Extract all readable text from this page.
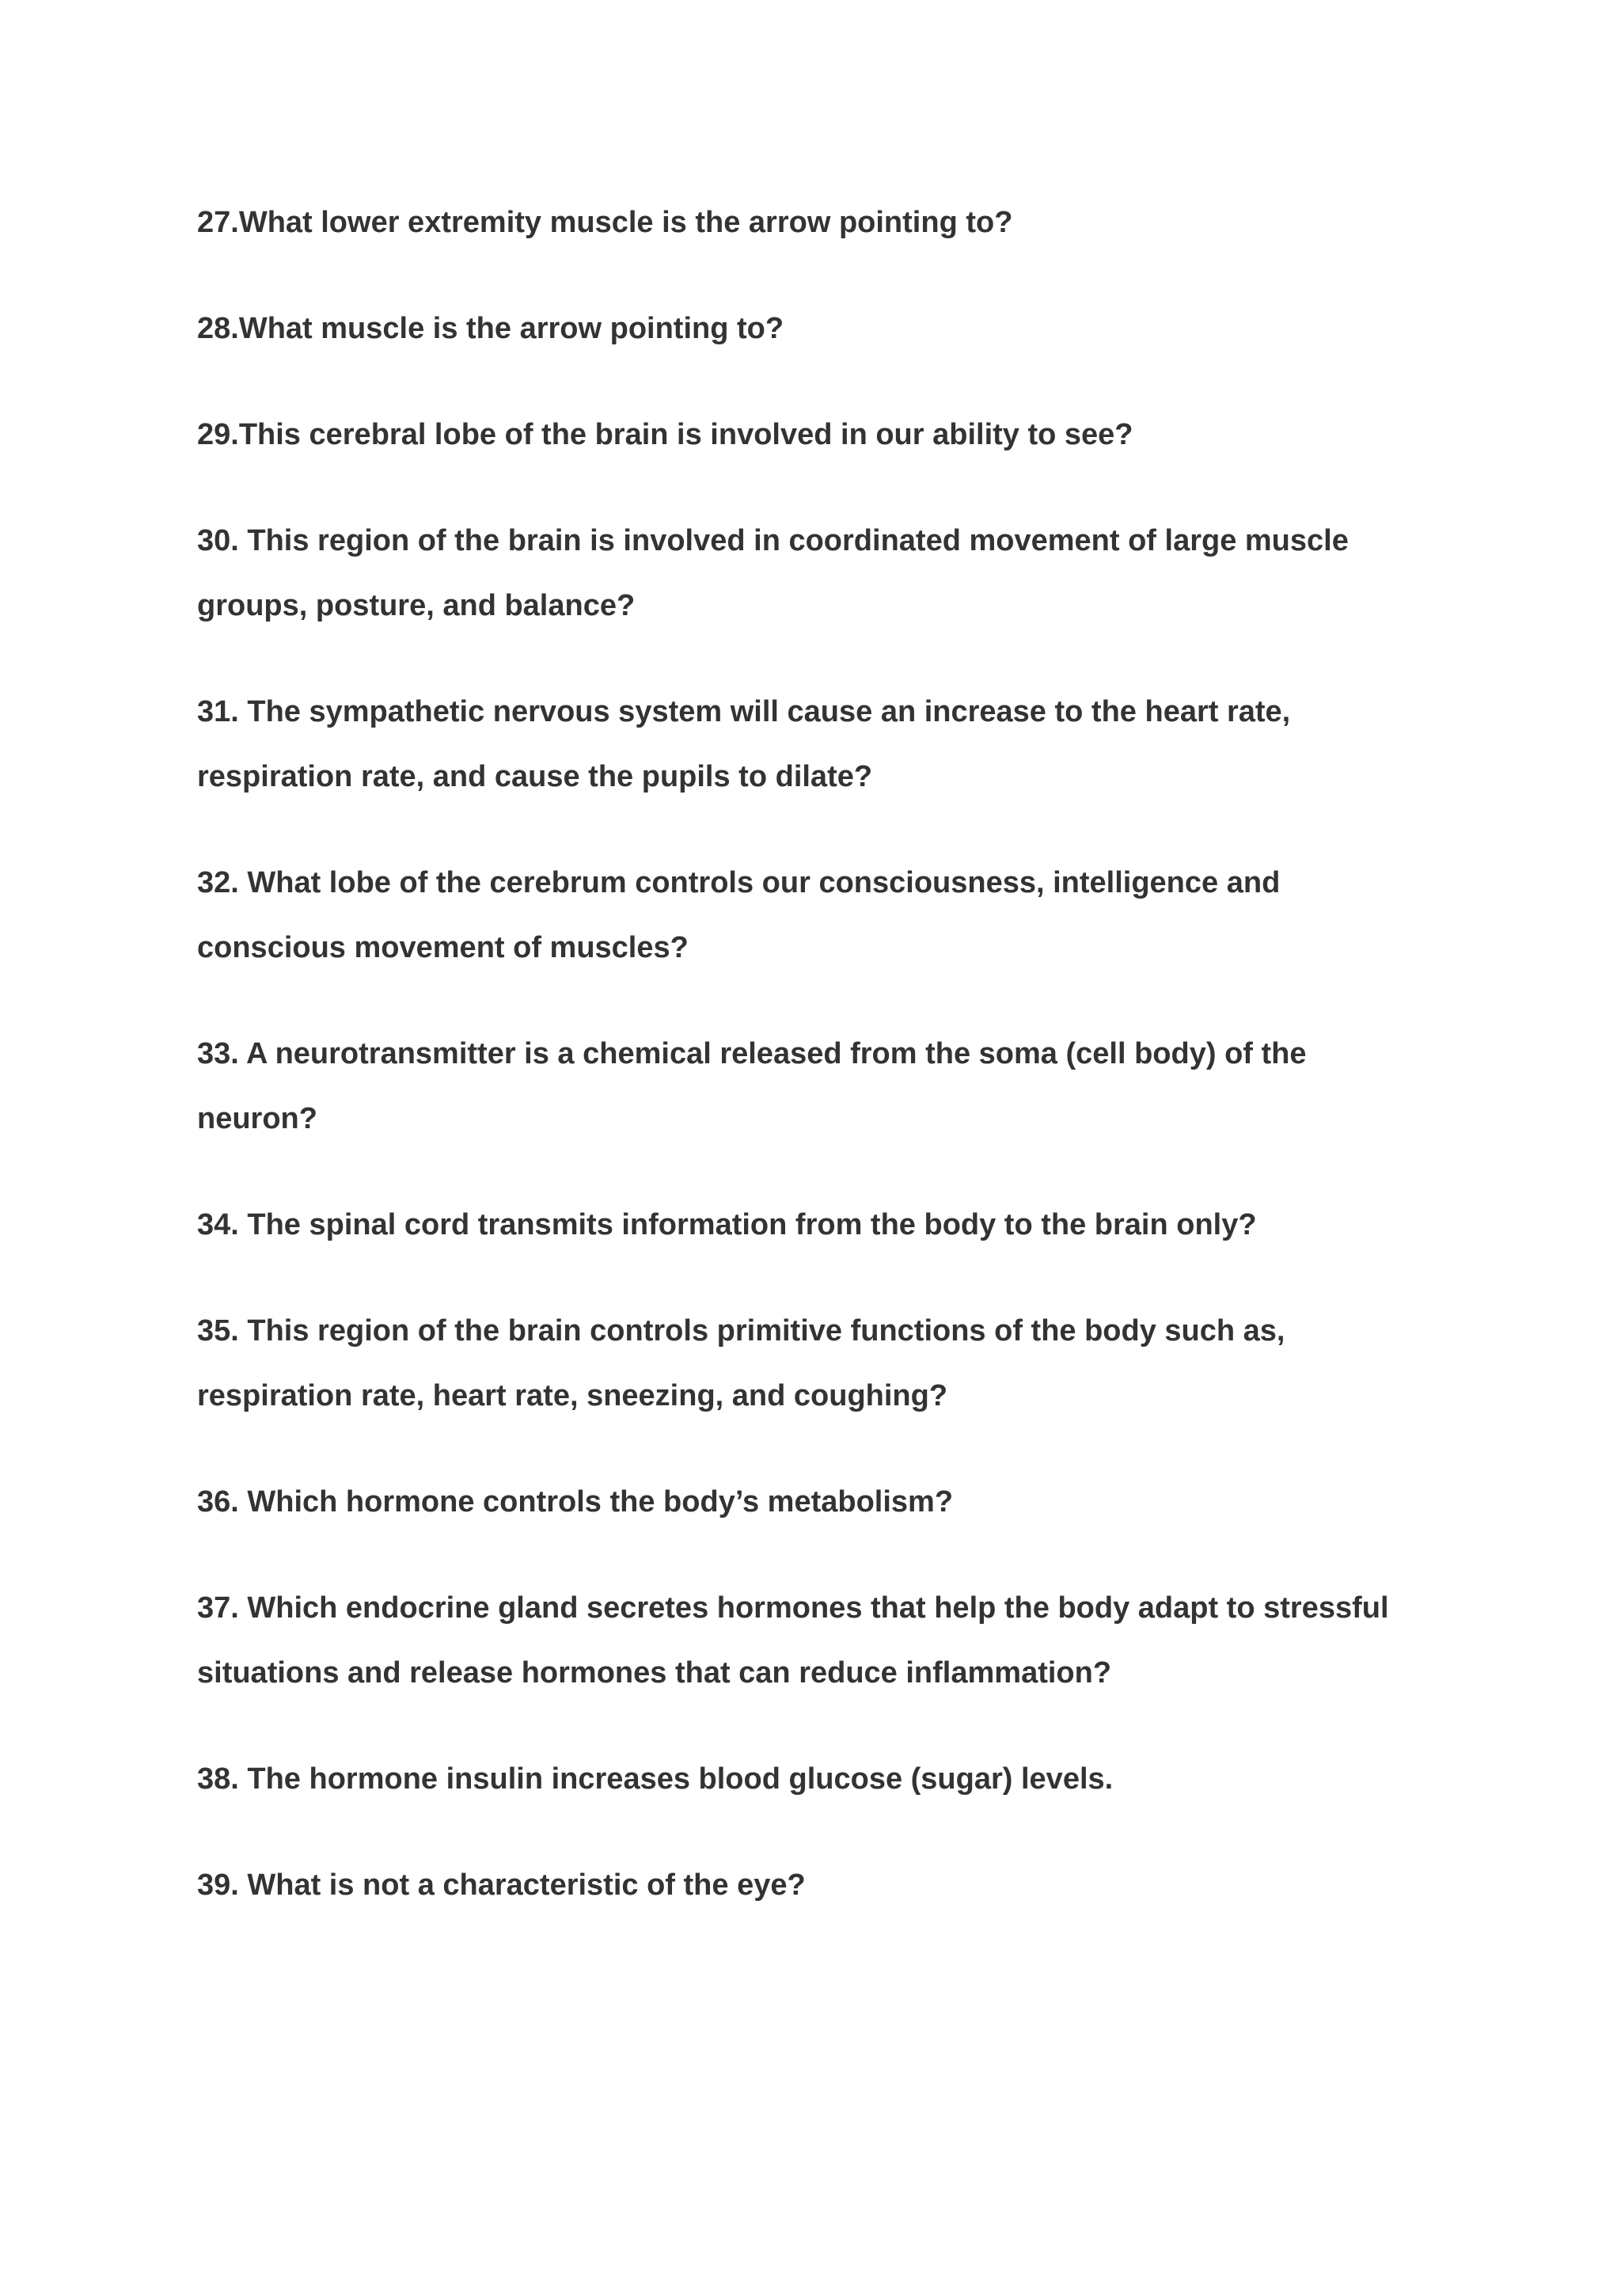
27.What lower extremity muscle is the arrow pointing to?

28.What muscle is the arrow pointing to?

29.This cerebral lobe of the brain is involved in our ability to see?

30. This region of the brain is involved in coordinated movement of large muscle
groups, posture, and balance?

31. The sympathetic nervous system will cause an increase to the heart rate,
respiration rate, and cause the pupils to dilate?

32. What lobe of the cerebrum controls our consciousness, intelligence and
conscious movement of muscles?

33. A neurotransmitter is a chemical released from the soma (cell body) of the
neuron?

34. The spinal cord transmits information from the body to the brain only?

35. This region of the brain controls primitive functions of the body such as,
respiration rate, heart rate, sneezing, and coughing?

36. Which hormone controls the body’s metabolism?

37. Which endocrine gland secretes hormones that help the body adapt to stressful
situations and release hormones that can reduce inflammation?

38. The hormone insulin increases blood glucose (sugar) levels.

39. What is not a characteristic of the eye?
